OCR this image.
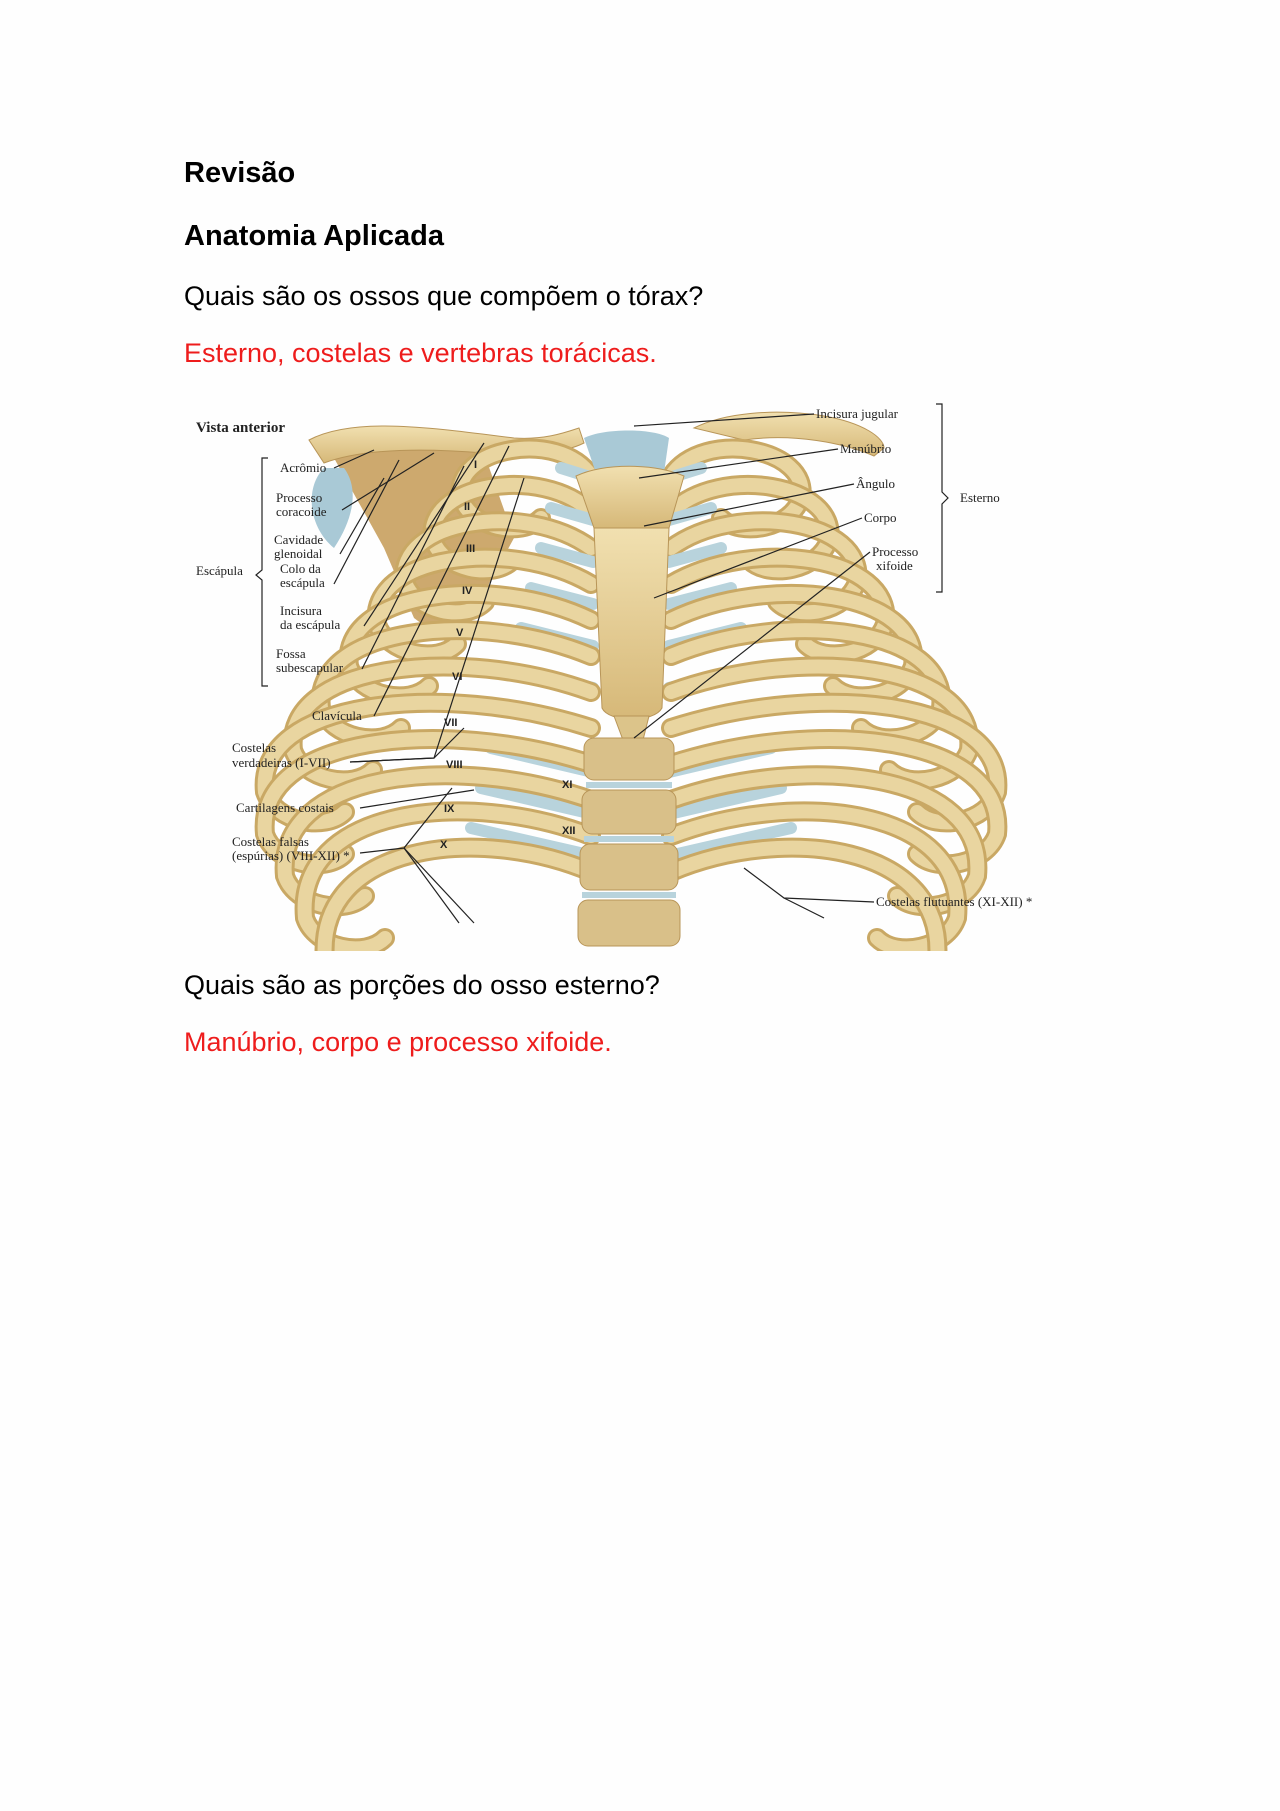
Revisão

Anatomia Aplicada

Quais são os ossos que compõem o tórax?

Esterno, costelas e vertebras torácicas.

Vista anterior
Acrômio
Processo
coracoide
Cavidade
glenoidal
Colo da
escápula
Incisura
da escápula
Fossa
subescapular
Escápula
Clavícula
Costelas
verdadeiras (I-VII)
Cartilagens costais
Costelas falsas
(espúrias) (VIII-XII) *
Incisura jugular
Manúbrio
Ângulo
Corpo
Processo
xifoide
Esterno
Costelas flutuantes (XI-XII) *
I
II
III
IV
V
VI
VII
VIII
IX
X
XI
XII

Quais são as porções do osso esterno?

Manúbrio, corpo e processo xifoide.
